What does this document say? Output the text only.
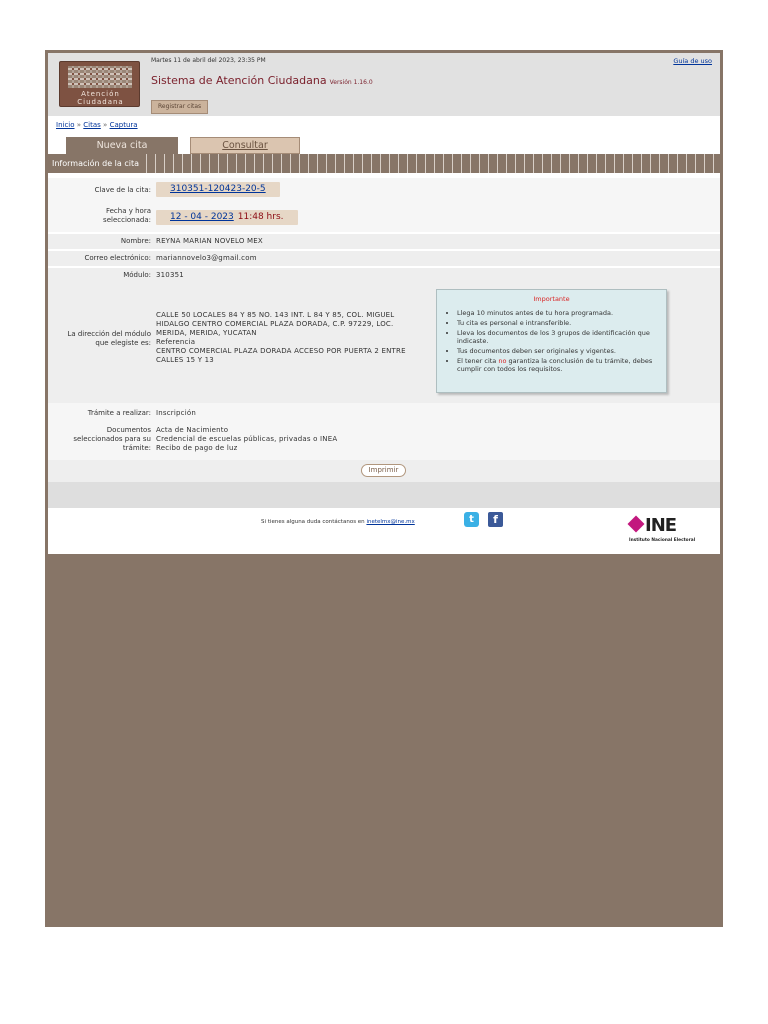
Atención
Ciudadana
Martes 11 de abril del 2023, 23:35 PM	Guía de uso
Sistema de Atención Ciudadana Versión 1.16.0
Registrar citas
Inicio » Citas » Captura
Nueva cita	Consultar
Información de la cita
Clave de la cita:	310351-120423-20-5
Fecha y hora
seleccionada:	12 - 04 - 2023 11:48 hrs.
Nombre: REYNA MARIAN NOVELO MEX
Correo electrónico: mariannovelo3@gmail.com
Módulo: 310351
La dirección del módulo
que elegiste es:
CALLE 50 LOCALES 84 Y 85 NO. 143 INT. L 84 Y 85, COL. MIGUEL
HIDALGO CENTRO COMERCIAL PLAZA DORADA, C.P. 97229, LOC.
MERIDA, MERIDA, YUCATAN
Referencia
CENTRO COMERCIAL PLAZA DORADA ACCESO POR PUERTA 2 ENTRE
CALLES 15 Y 13
Importante
• Llega 10 minutos antes de tu hora programada.
• Tu cita es personal e intransferible.
• Lleva los documentos de los 3 grupos de identificación que indicaste.
• Tus documentos deben ser originales y vigentes.
• El tener cita no garantiza la conclusión de tu trámite, debes cumplir con todos los requisitos.
Trámite a realizar: Inscripción
Documentos
seleccionados para su
trámite:
Acta de Nacimiento
Credencial de escuelas públicas, privadas o INEA
Recibo de pago de luz
Imprimir
Si tienes alguna duda contáctanos en inetelmx@ine.mx	t	f	INE
Instituto Nacional Electoral
